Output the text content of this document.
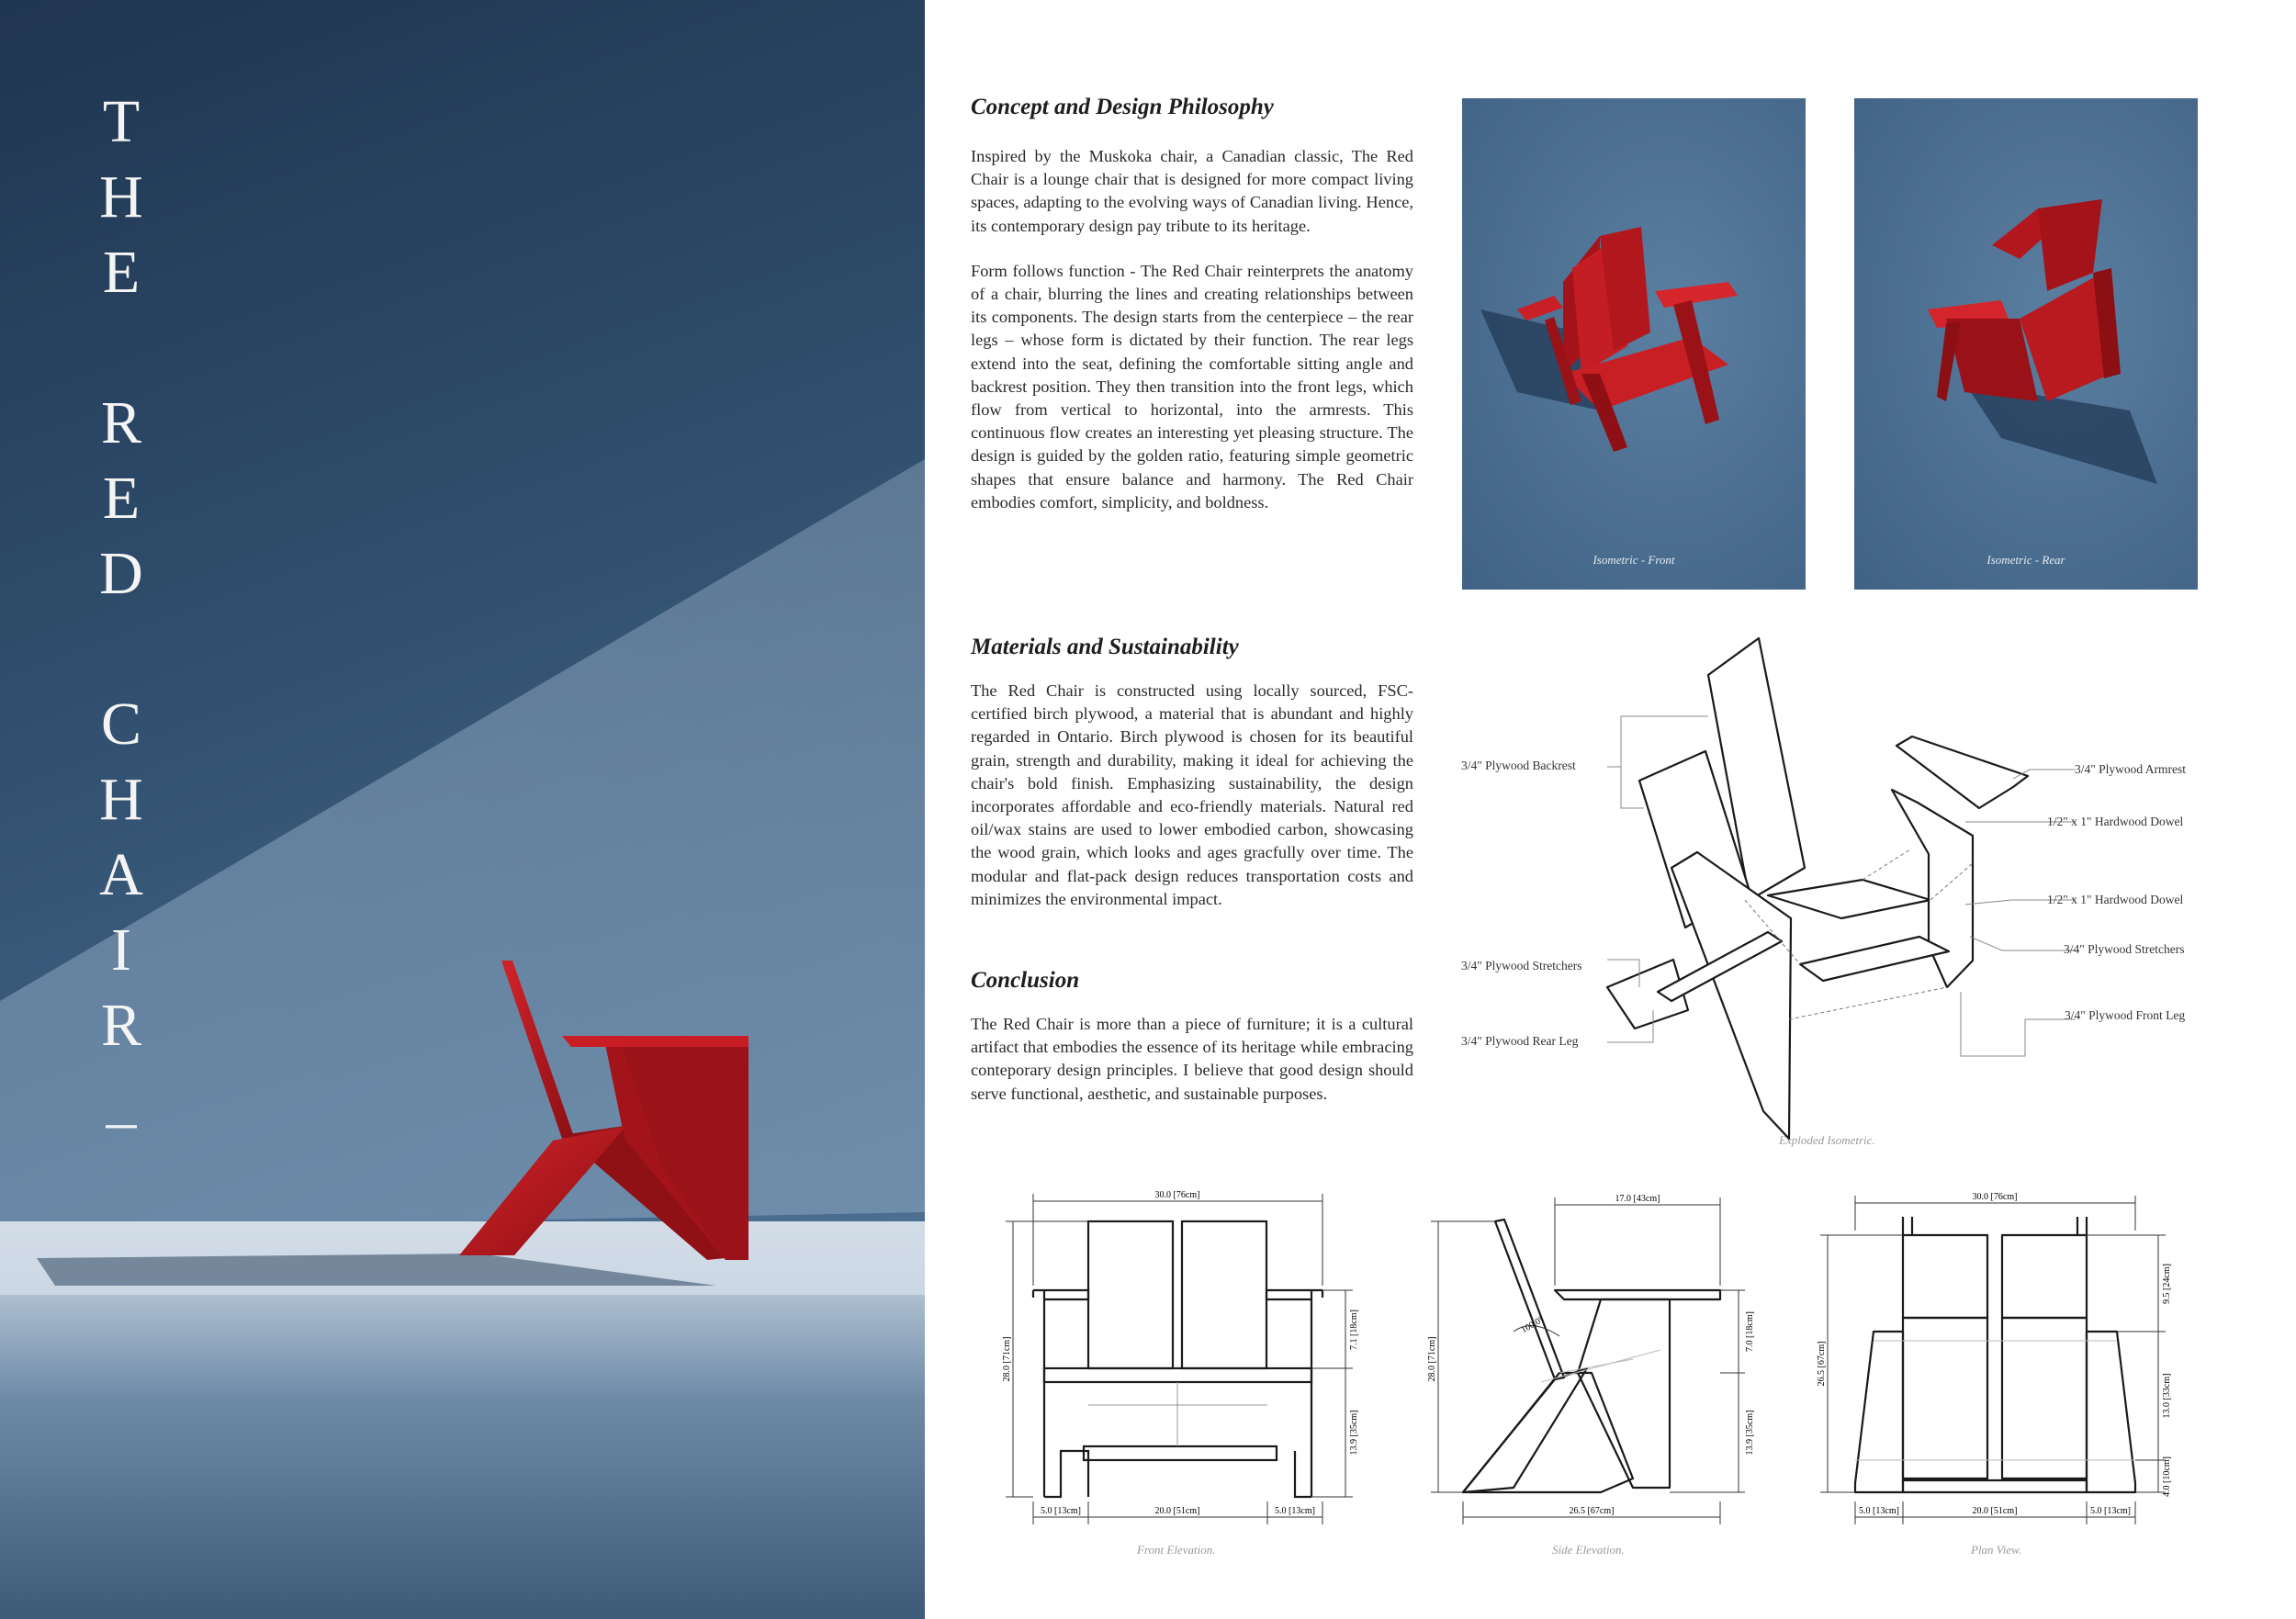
T
H
E
R
E
D
C
H
A
I
R
_
Concept and Design Philosophy
Inspired by the Muskoka chair, a Canadian classic, The Red Chair is a lounge chair that is designed for more compact living spaces, adapting to the evolving ways of Canadian living. Hence, its contemporary design pay tribute to its heritage.
Form follows function - The Red Chair reinterprets the anatomy of a chair, blurring the lines and creating relationships between its components. The design starts from the centerpiece – the rear legs – whose form is dictated by their function. The rear legs extend into the seat, defining the comfortable sitting angle and backrest position. They then transition into the front legs, which flow from vertical to horizontal, into the armrests. This continuous flow creates an interesting yet pleasing structure. The design is guided by the golden ratio, featuring simple geometric shapes that ensure balance and harmony. The Red Chair embodies comfort, simplicity, and boldness.
Materials and Sustainability
The Red Chair is constructed using locally sourced, FSC-certified birch plywood, a material that is abundant and highly regarded in Ontario. Birch plywood is chosen for its beautiful grain, strength and durability, making it ideal for achieving the chair's bold finish. Emphasizing sustainability, the design incorporates affordable and eco-friendly materials. Natural red oil/wax stains are used to lower embodied carbon, showcasing the wood grain, which looks and ages gracfully over time. The modular and flat-pack design reduces transportation costs and minimizes the environmental impact.
Conclusion
The Red Chair is more than a piece of furniture; it is a cultural artifact that embodies the essence of its heritage while embracing conteporary design principles. I believe that good design should serve functional, aesthetic, and sustainable purposes.
Isometric - Front	Isometric - Rear
3/4" Plywood Backrest	3/4" Plywood Armrest
1/2" x 1" Hardwood Dowel
1/2" x 1" Hardwood Dowel
3/4" Plywood Stretchers
3/4" Plywood Stretchers
3/4" Plywood Front Leg
3/4" Plywood Rear Leg
Exploded Isometric.
30.0 [76cm]
28.0 [71cm]
7.1 [18cm]
13.9 [35cm]
5.0 [13cm]	20.0 [51cm]	5.0 [13cm]
Front Elevation.
100.0°
17.0 [43cm]
28.0 [71cm]
7.0 [18cm]
13.9 [35cm]
26.5 [67cm]
Side Elevation.
30.0 [76cm]
26.5 [67cm]
9.5 [24cm]
13.0 [33cm]
4.0 [10cm]
5.0 [13cm]	20.0 [51cm]	5.0 [13cm]
Plan View.
